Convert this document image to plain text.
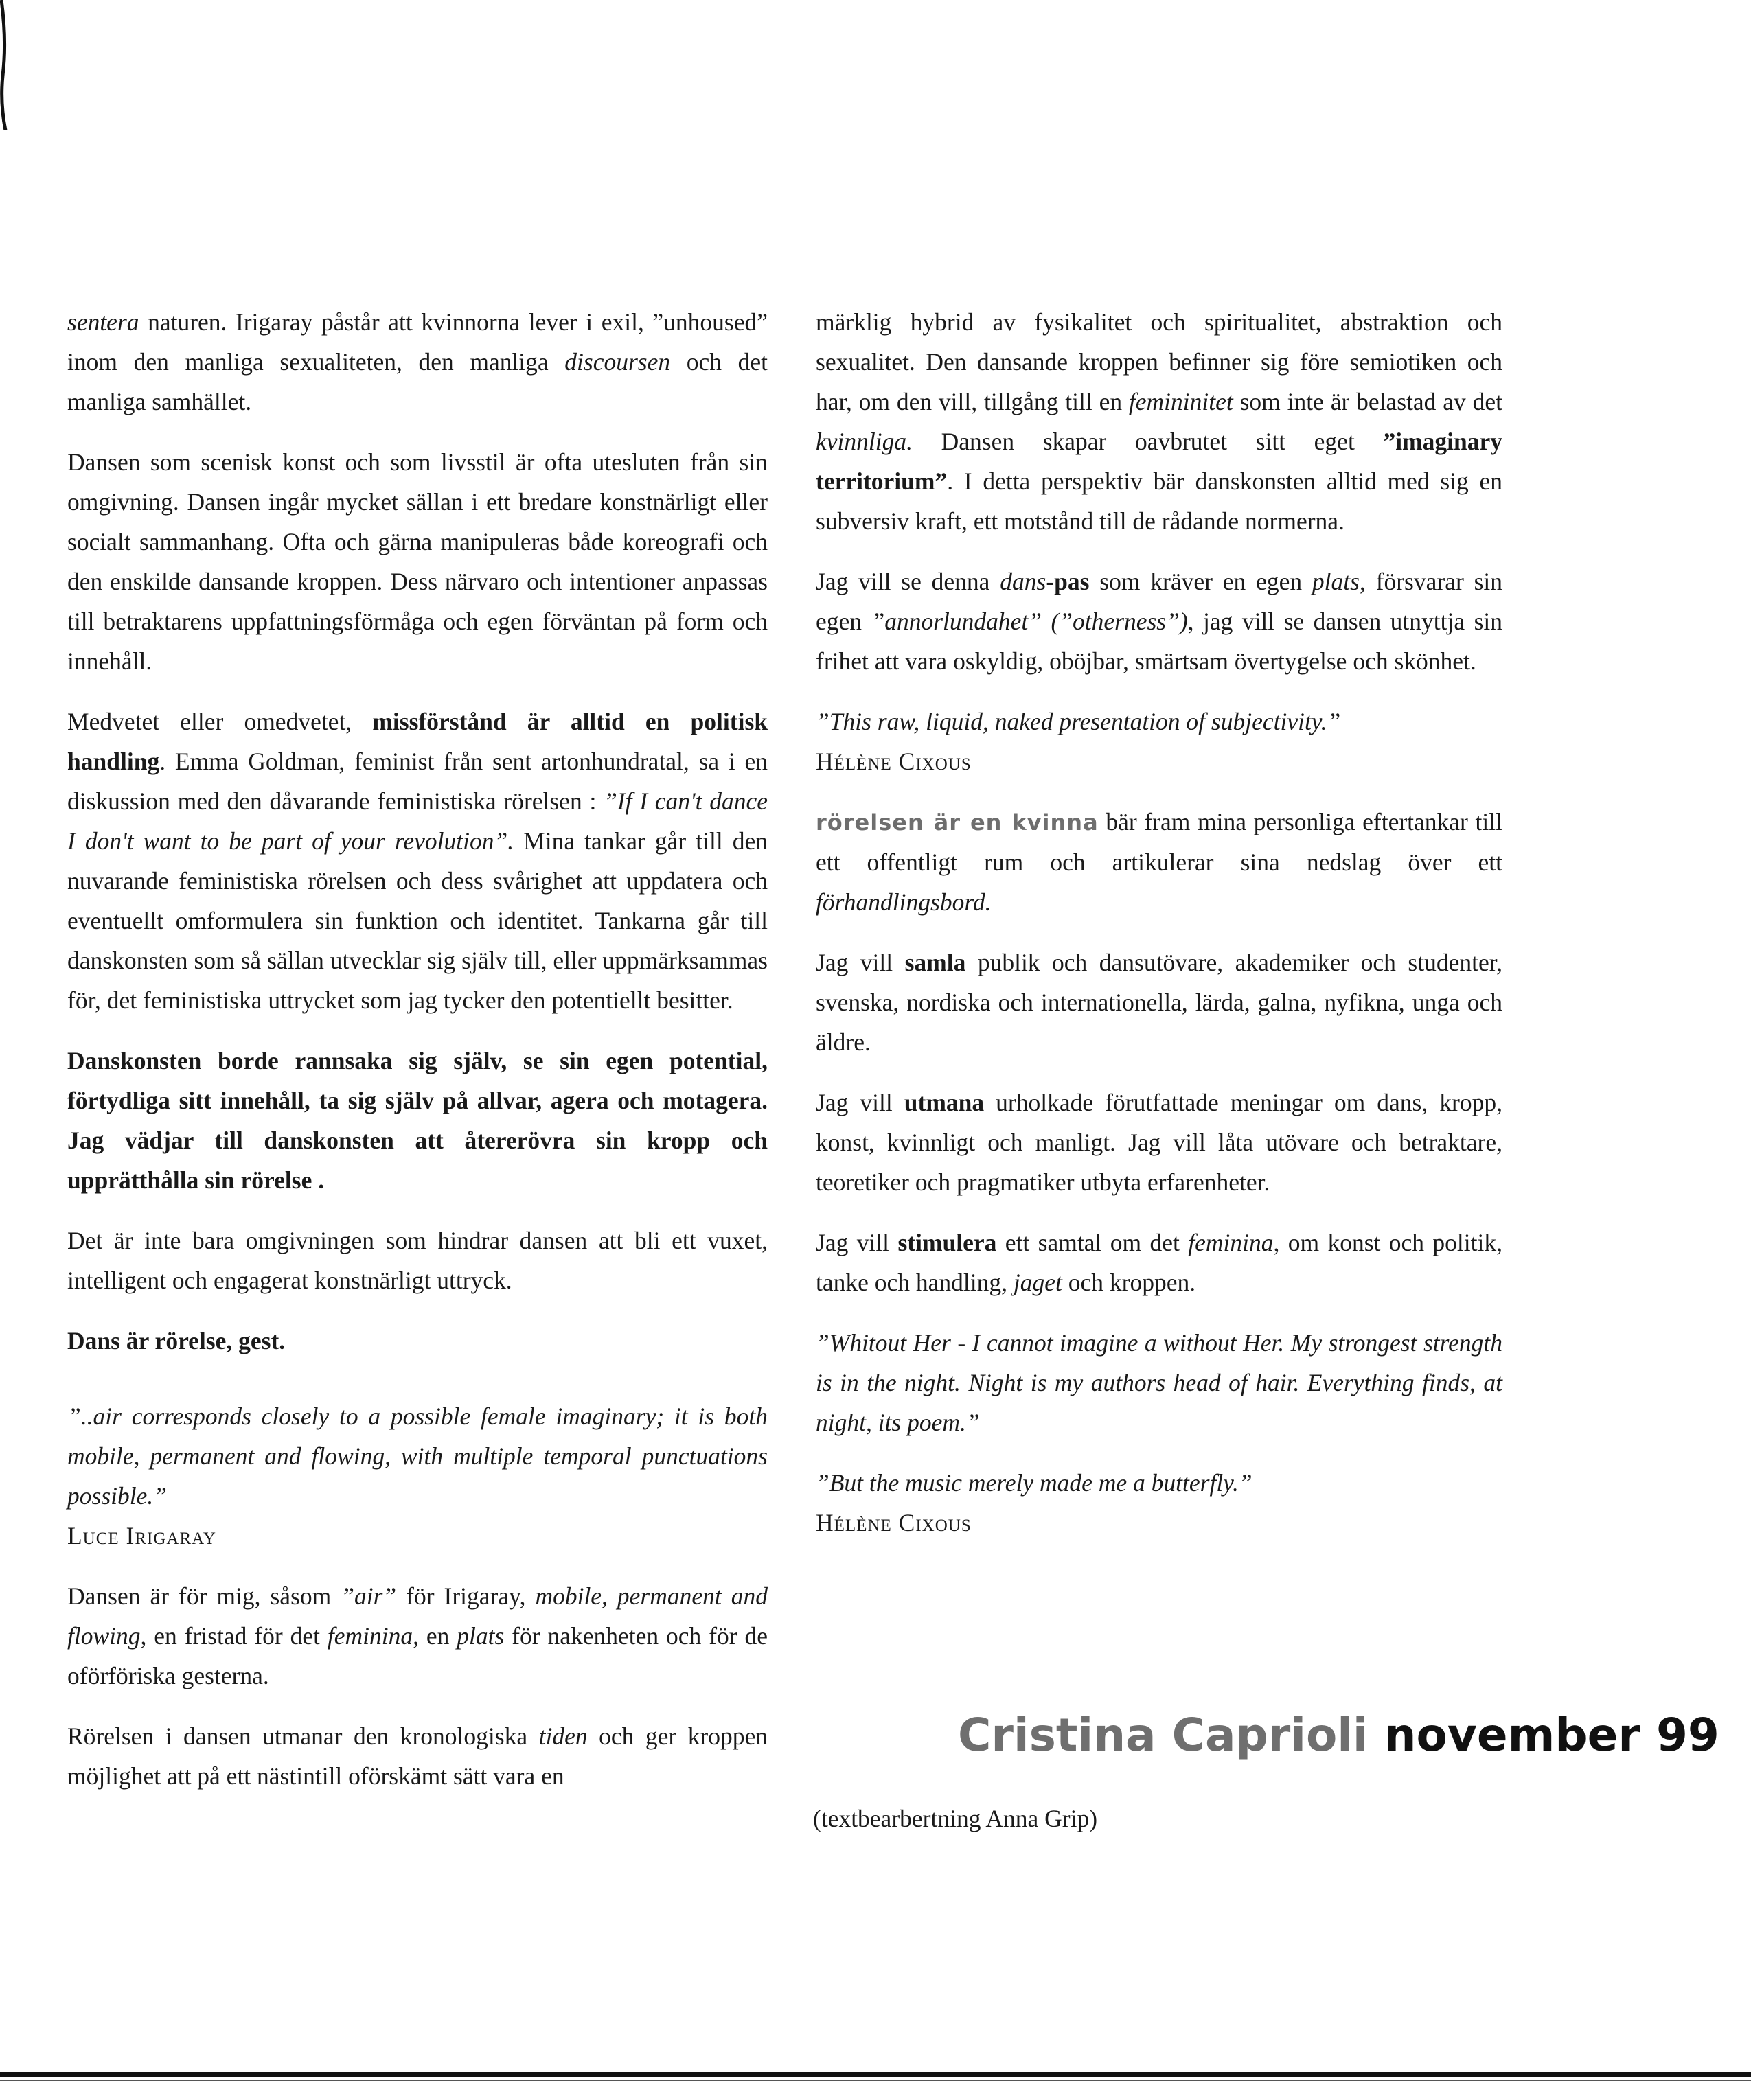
sentera naturen. Irigaray påstår att kvinnorna lever i exil, ”unhoused” inom den manliga sexualiteten, den manliga discoursen och det manliga samhället.

Dansen som scenisk konst och som livsstil är ofta utesluten från sin omgivning. Dansen ingår mycket sällan i ett bredare konstnärligt eller socialt sammanhang. Ofta och gärna manipuleras både koreografi och den enskilde dansande kroppen. Dess närvaro och intentioner anpassas till betraktarens uppfattningsförmåga och egen förväntan på form och innehåll.

Medvetet eller omedvetet, missförstånd är alltid en politisk handling. Emma Goldman, feminist från sent artonhundratal, sa i en diskussion med den dåvarande feministiska rörelsen : ”If I can't dance I don't want to be part of your revolution”. Mina tankar går till den nuvarande feministiska rörelsen och dess svårighet att uppdatera och eventuellt omformulera sin funktion och identitet. Tankarna går till danskonsten som så sällan utvecklar sig själv till, eller uppmärksammas för, det feministiska uttrycket som jag tycker den potentiellt besitter.

Danskonsten borde rannsaka sig själv, se sin egen potential, förtydliga sitt innehåll, ta sig själv på allvar, agera och motagera. Jag vädjar till danskonsten att återerövra sin kropp och upprätthålla sin rörelse .

Det är inte bara omgivningen som hindrar dansen att bli ett vuxet, intelligent och engagerat konstnärligt uttryck.

Dans är rörelse, gest.

”..air corresponds closely to a possible female imaginary; it is both mobile, permanent and flowing, with multiple temporal punctuations possible.”
Luce Irigaray

Dansen är för mig, såsom ”air” för Irigaray, mobile, permanent and flowing, en fristad för det feminina, en plats för nakenheten och för de oförföriska gesterna.

Rörelsen i dansen utmanar den kronologiska tiden och ger kroppen möjlighet att på ett nästintill oförskämt sätt vara en

märklig hybrid av fysikalitet och spiritualitet, abstraktion och sexualitet. Den dansande kroppen befinner sig före semiotiken och har, om den vill, tillgång till en femininitet som inte är belastad av det kvinnliga. Dansen skapar oavbrutet sitt eget ”imaginary territorium”. I detta perspektiv bär danskonsten alltid med sig en subversiv kraft, ett motstånd till de rådande normerna.

Jag vill se denna dans-pas som kräver en egen plats, försvarar sin egen ”annorlundahet” (”otherness”), jag vill se dansen utnyttja sin frihet att vara oskyldig, oböjbar, smärtsam övertygelse och skönhet.

”This raw, liquid, naked presentation of subjectivity.”
Hélène Cixous

rörelsen är en kvinna bär fram mina personliga eftertankar till ett offentligt rum och artikulerar sina nedslag över ett förhandlingsbord.

Jag vill samla publik och dansutövare, akademiker och studenter, svenska, nordiska och internationella, lärda, galna, nyfikna, unga och äldre.

Jag vill utmana urholkade förutfattade meningar om dans, kropp, konst, kvinnligt och manligt. Jag vill låta utövare och betraktare, teoretiker och pragmatiker utbyta erfarenheter.

Jag vill stimulera ett samtal om det feminina, om konst och politik, tanke och handling, jaget och kroppen.

”Whitout Her - I cannot imagine a without Her. My strongest strength is in the night. Night is my authors head of hair. Everything finds, at night, its poem.”
”But the music merely made me a butterfly.”
Hélène Cixous
Cristina Caprioli november 99
(textbearbertning Anna Grip)
